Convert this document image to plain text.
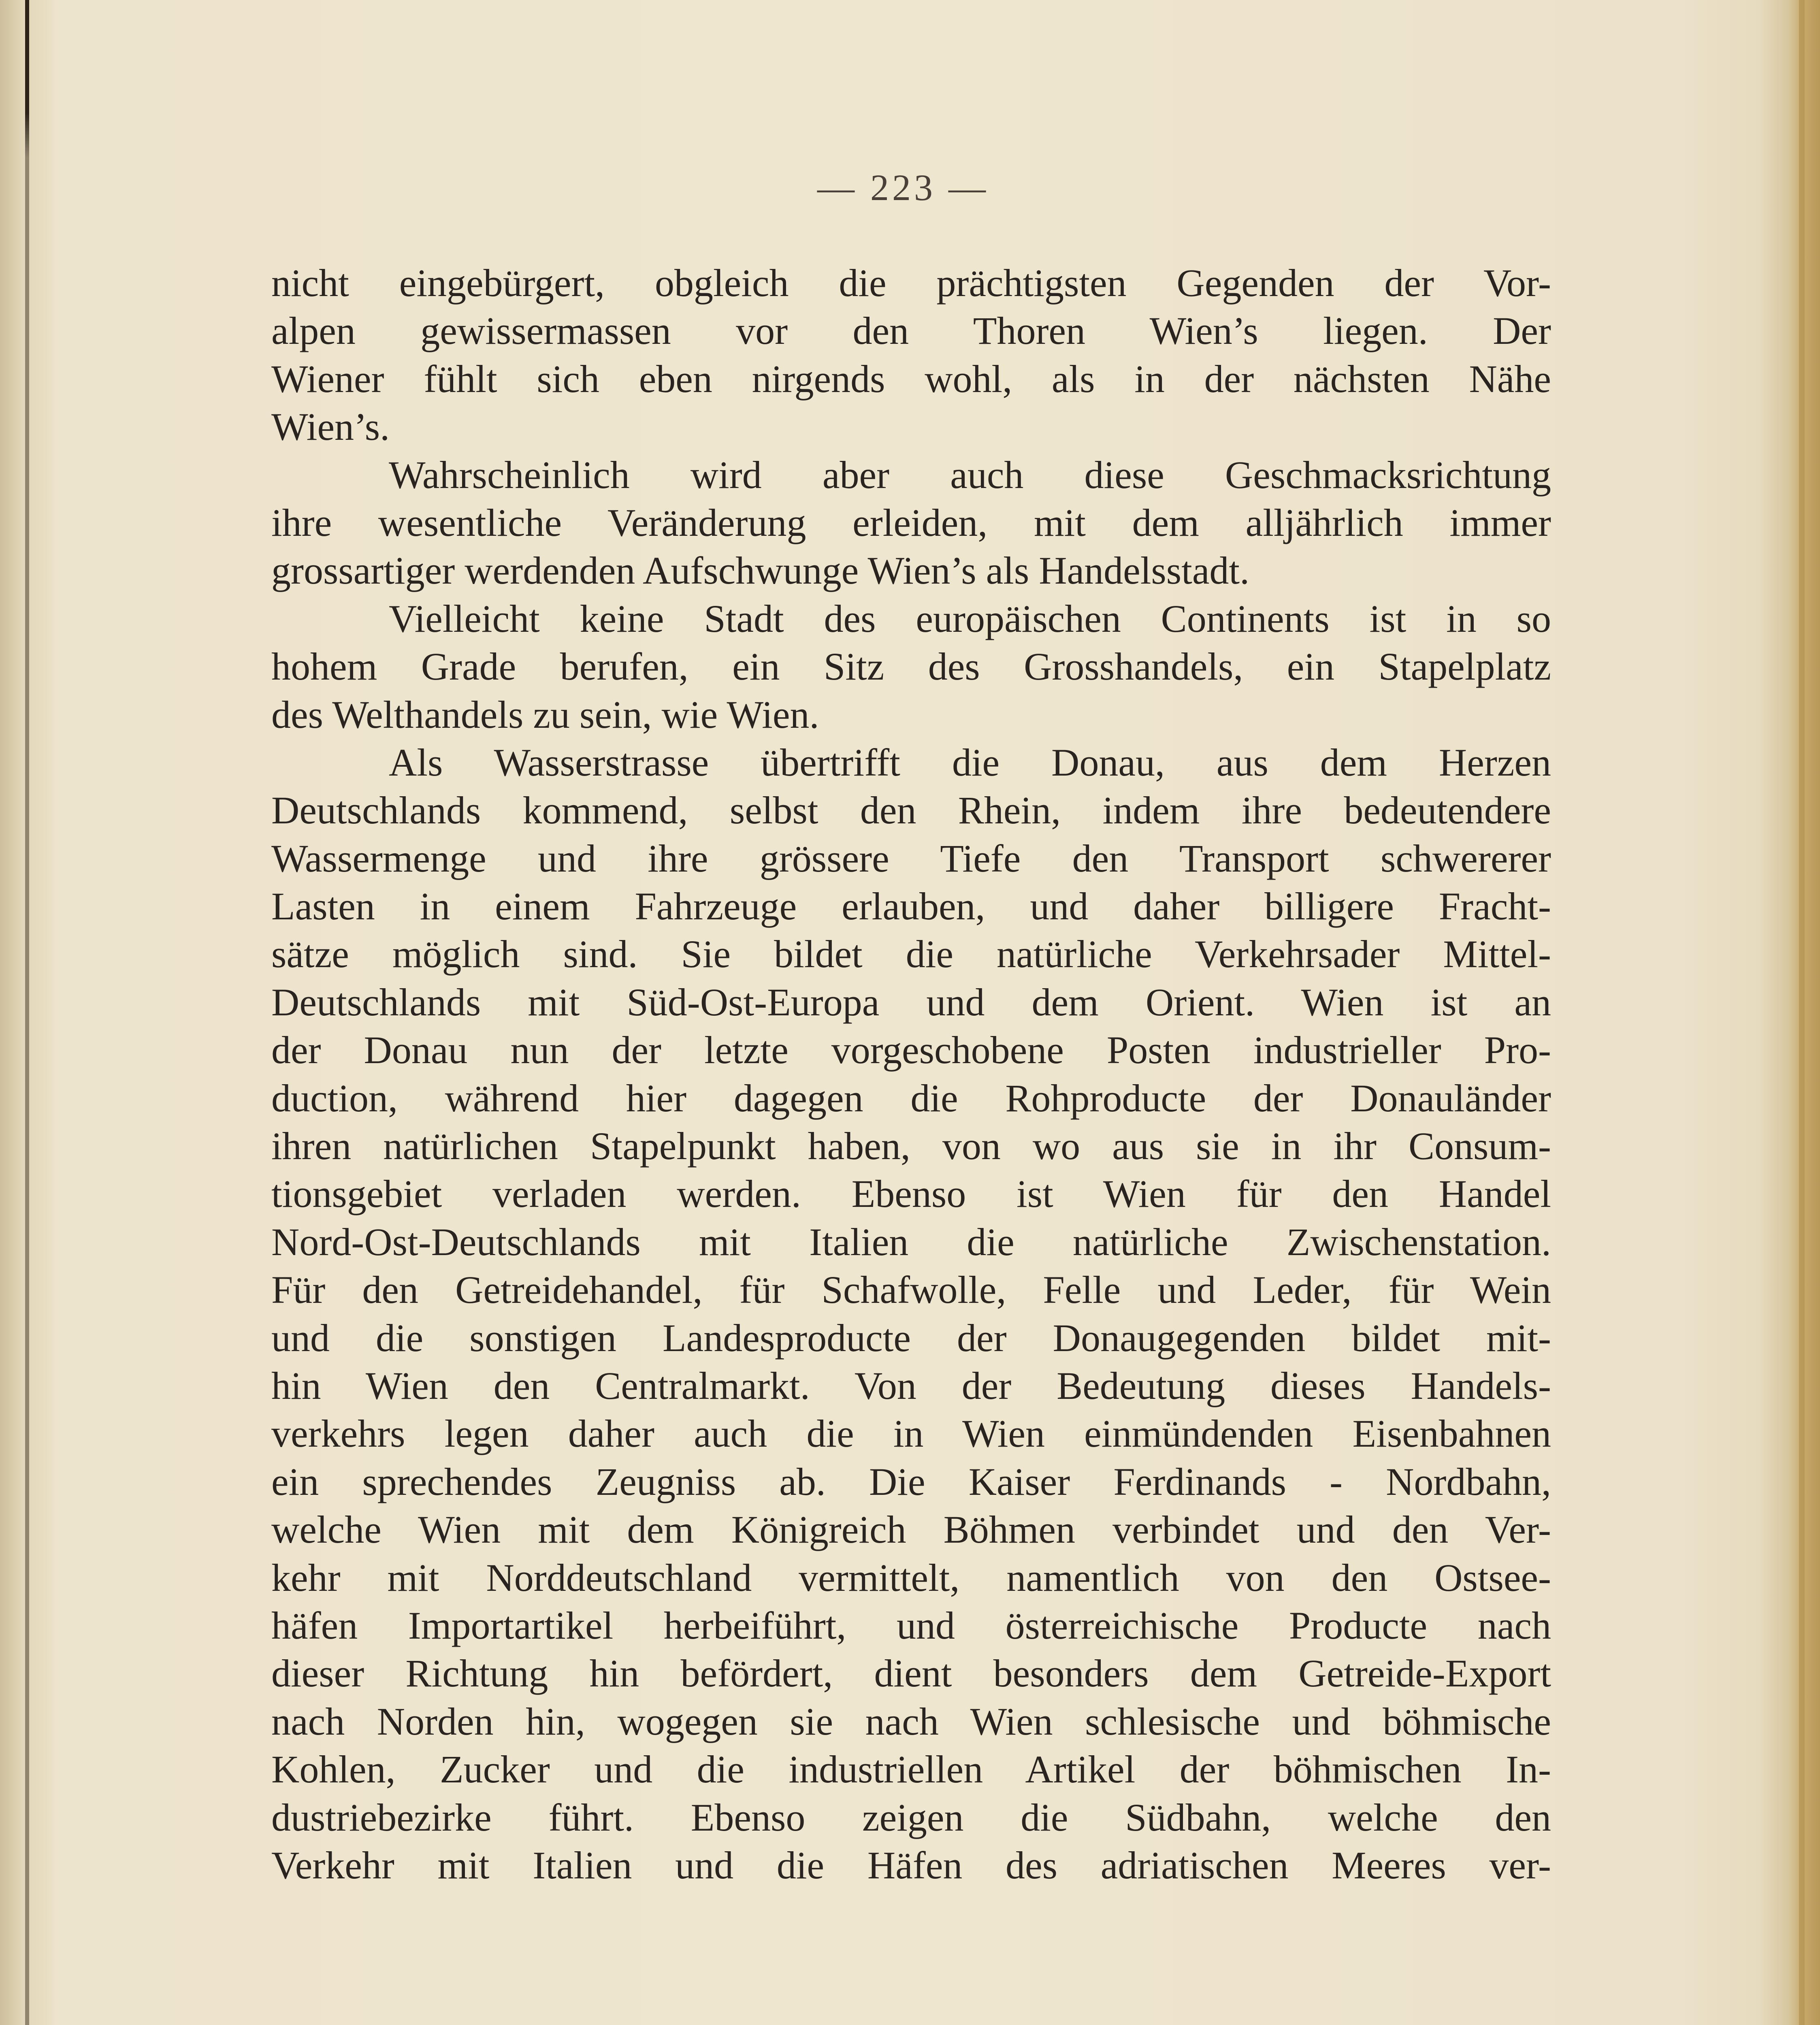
— 223 —
nicht eingebürgert, obgleich die prächtigsten Gegenden der Vor-
alpen gewissermassen vor den Thoren Wien’s liegen. Der
Wiener fühlt sich eben nirgends wohl, als in der nächsten Nähe
Wien’s.
Wahrscheinlich wird aber auch diese Geschmacksrichtung
ihre wesentliche Veränderung erleiden, mit dem alljährlich immer
grossartiger werdenden Aufschwunge Wien’s als Handelsstadt.
Vielleicht keine Stadt des europäischen Continents ist in so
hohem Grade berufen, ein Sitz des Grosshandels, ein Stapelplatz
des Welthandels zu sein, wie Wien.
Als Wasserstrasse übertrifft die Donau, aus dem Herzen
Deutschlands kommend, selbst den Rhein, indem ihre bedeutendere
Wassermenge und ihre grössere Tiefe den Transport schwererer
Lasten in einem Fahrzeuge erlauben, und daher billigere Fracht-
sätze möglich sind. Sie bildet die natürliche Verkehrsader Mittel-
Deutschlands mit Süd-Ost-Europa und dem Orient. Wien ist an
der Donau nun der letzte vorgeschobene Posten industrieller Pro-
duction, während hier dagegen die Rohproducte der Donauländer
ihren natürlichen Stapelpunkt haben, von wo aus sie in ihr Consum-
tionsgebiet verladen werden. Ebenso ist Wien für den Handel
Nord-Ost-Deutschlands mit Italien die natürliche Zwischenstation.
Für den Getreidehandel, für Schafwolle, Felle und Leder, für Wein
und die sonstigen Landesproducte der Donaugegenden bildet mit-
hin Wien den Centralmarkt. Von der Bedeutung dieses Handels-
verkehrs legen daher auch die in Wien einmündenden Eisenbahnen
ein sprechendes Zeugniss ab. Die Kaiser Ferdinands - Nordbahn,
welche Wien mit dem Königreich Böhmen verbindet und den Ver-
kehr mit Norddeutschland vermittelt, namentlich von den Ostsee-
häfen Importartikel herbeiführt, und österreichische Producte nach
dieser Richtung hin befördert, dient besonders dem Getreide-Export
nach Norden hin, wogegen sie nach Wien schlesische und böhmische
Kohlen, Zucker und die industriellen Artikel der böhmischen In-
dustriebezirke führt. Ebenso zeigen die Südbahn, welche den
Verkehr mit Italien und die Häfen des adriatischen Meeres ver-
